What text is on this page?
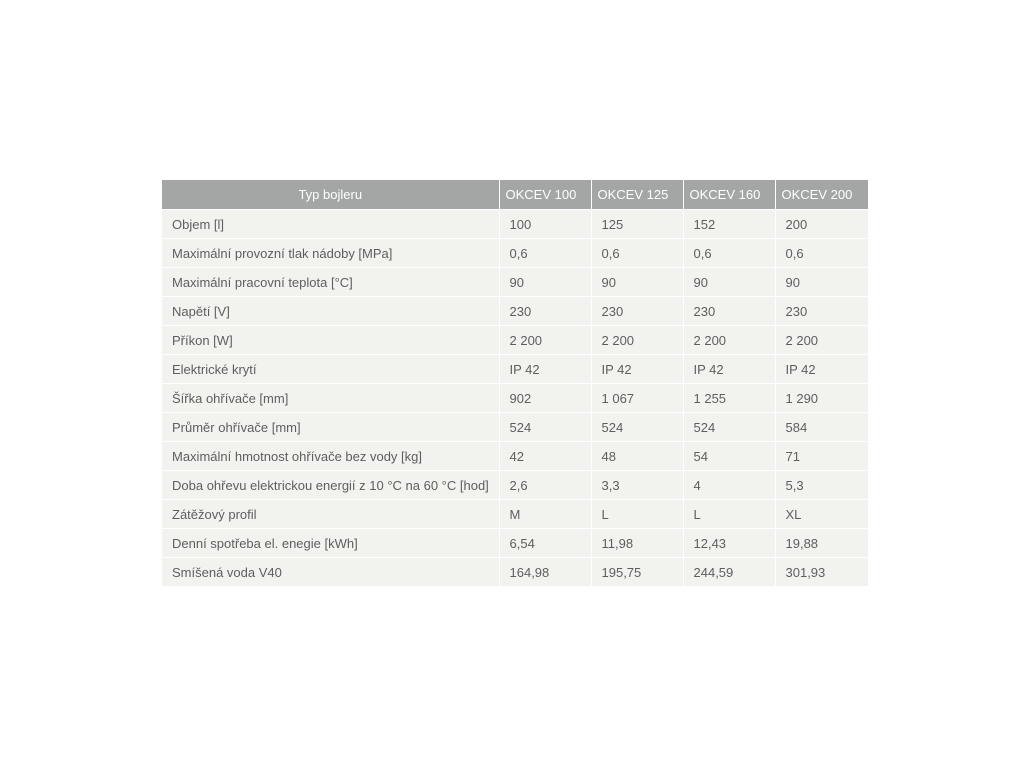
Typ bojleru	OKCEV 100	OKCEV 125	OKCEV 160	OKCEV 200
Objem [l]	100	125	152	200
Maximální provozní tlak nádoby [MPa]	0,6	0,6	0,6	0,6
Maximální pracovní teplota [°C]	90	90	90	90
Napětí [V]	230	230	230	230
Příkon [W]	2 200	2 200	2 200	2 200
Elektrické krytí	IP 42	IP 42	IP 42	IP 42
Šířka ohřívače [mm]	902	1 067	1 255	1 290
Průměr ohřívače [mm]	524	524	524	584
Maximální hmotnost ohřívače bez vody [kg]	42	48	54	71
Doba ohřevu elektrickou energií z 10 °C na 60 °C [hod]	2,6	3,3	4	5,3
Zátěžový profil	M	L	L	XL
Denní spotřeba el. enegie [kWh]	6,54	11,98	12,43	19,88
Smíšená voda V40	164,98	195,75	244,59	301,93
